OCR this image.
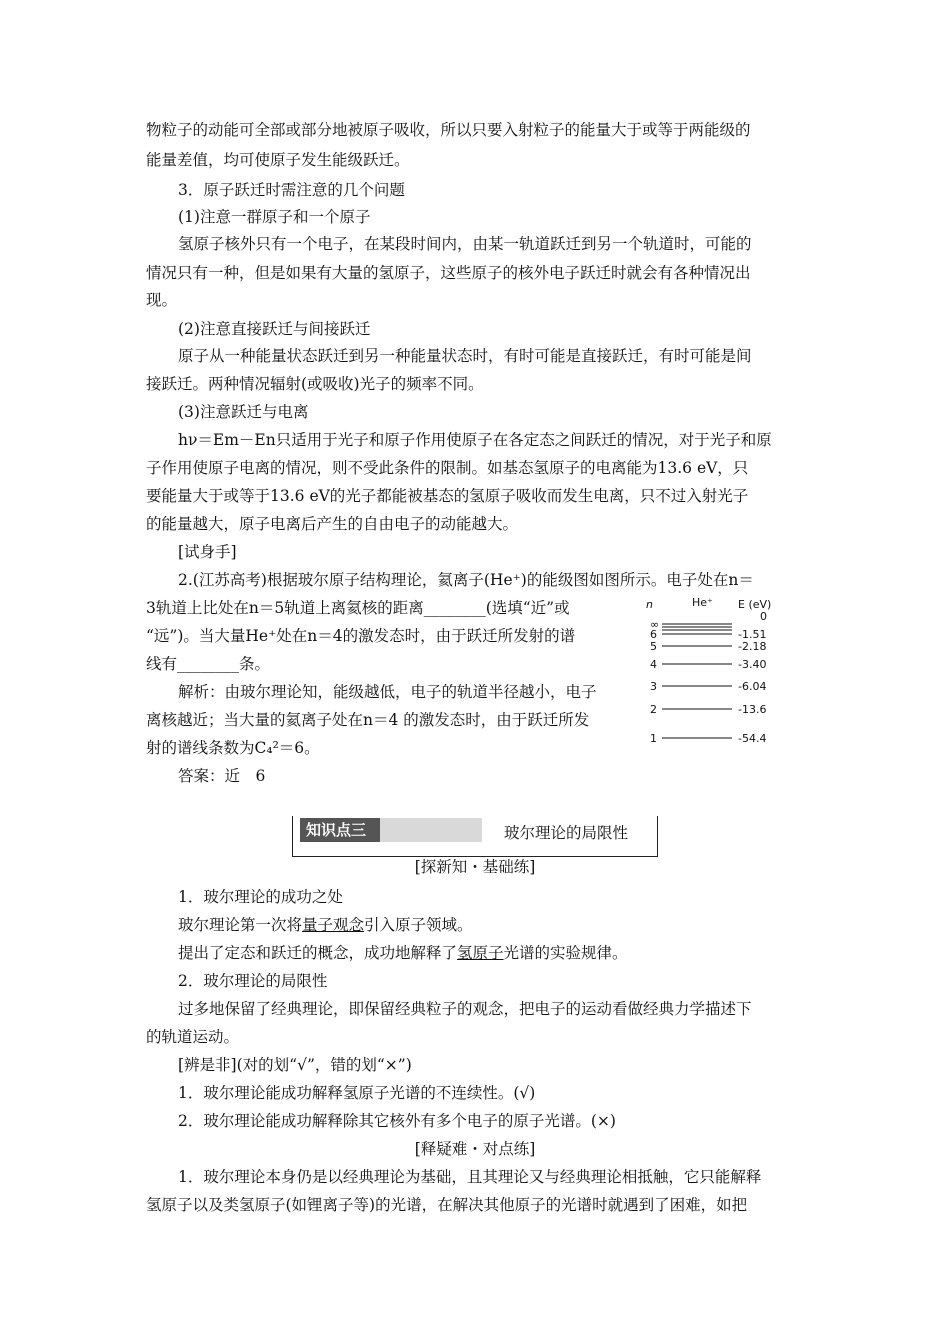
物粒子的动能可全部或部分地被原子吸收，所以只要入射粒子的能量大于或等于两能级的
能量差值，均可使原子发生能级跃迁。
3．原子跃迁时需注意的几个问题
(1)注意一群原子和一个原子
氢原子核外只有一个电子，在某段时间内，由某一轨道跃迁到另一个轨道时，可能的
情况只有一种，但是如果有大量的氢原子，这些原子的核外电子跃迁时就会有各种情况出
现。
(2)注意直接跃迁与间接跃迁
原子从一种能量状态跃迁到另一种能量状态时，有时可能是直接跃迁，有时可能是间
接跃迁。两种情况辐射(或吸收)光子的频率不同。
(3)注意跃迁与电离
hν＝Em－En只适用于光子和原子作用使原子在各定态之间跃迁的情况，对于光子和原
子作用使原子电离的情况，则不受此条件的限制。如基态氢原子的电离能为13.6 eV，只
要能量大于或等于13.6 eV的光子都能被基态的氢原子吸收而发生电离，只不过入射光子
的能量越大，原子电离后产生的自由电子的动能越大。
[试身手]
2.(江苏高考)根据玻尔原子结构理论，氦离子(He⁺)的能级图如图所示。电子处在n＝
3轨道上比处在n＝5轨道上离氦核的距离________(选填“近”或
“远”)。当大量He⁺处在n＝4的激发态时，由于跃迁所发射的谱
线有________条。
解析：由玻尔理论知，能级越低，电子的轨道半径越小，电子
离核越近；当大量的氦离子处在n＝4 的激发态时，由于跃迁所发
射的谱线条数为C₄²＝6。
答案：近　6
n	He⁺ E (eV)
∞
0
6	-1.51
5	-2.18
4	-3.40
3	-6.04
2	-13.6
1	-54.4
知识点三	玻尔理论的局限性
[探新知・基础练]
1．玻尔理论的成功之处
玻尔理论第一次将量子观念引入原子领域。
提出了定态和跃迁的概念，成功地解释了氢原子光谱的实验规律。
2．玻尔理论的局限性
过多地保留了经典理论，即保留经典粒子的观念，把电子的运动看做经典力学描述下
的轨道运动。
[辨是非](对的划“√”，错的划“×”)
1．玻尔理论能成功解释氢原子光谱的不连续性。(√)
2．玻尔理论能成功解释除其它核外有多个电子的原子光谱。(×)
[释疑难・对点练]
1．玻尔理论本身仍是以经典理论为基础，且其理论又与经典理论相抵触，它只能解释
氢原子以及类氢原子(如锂离子等)的光谱，在解决其他原子的光谱时就遇到了困难，如把
